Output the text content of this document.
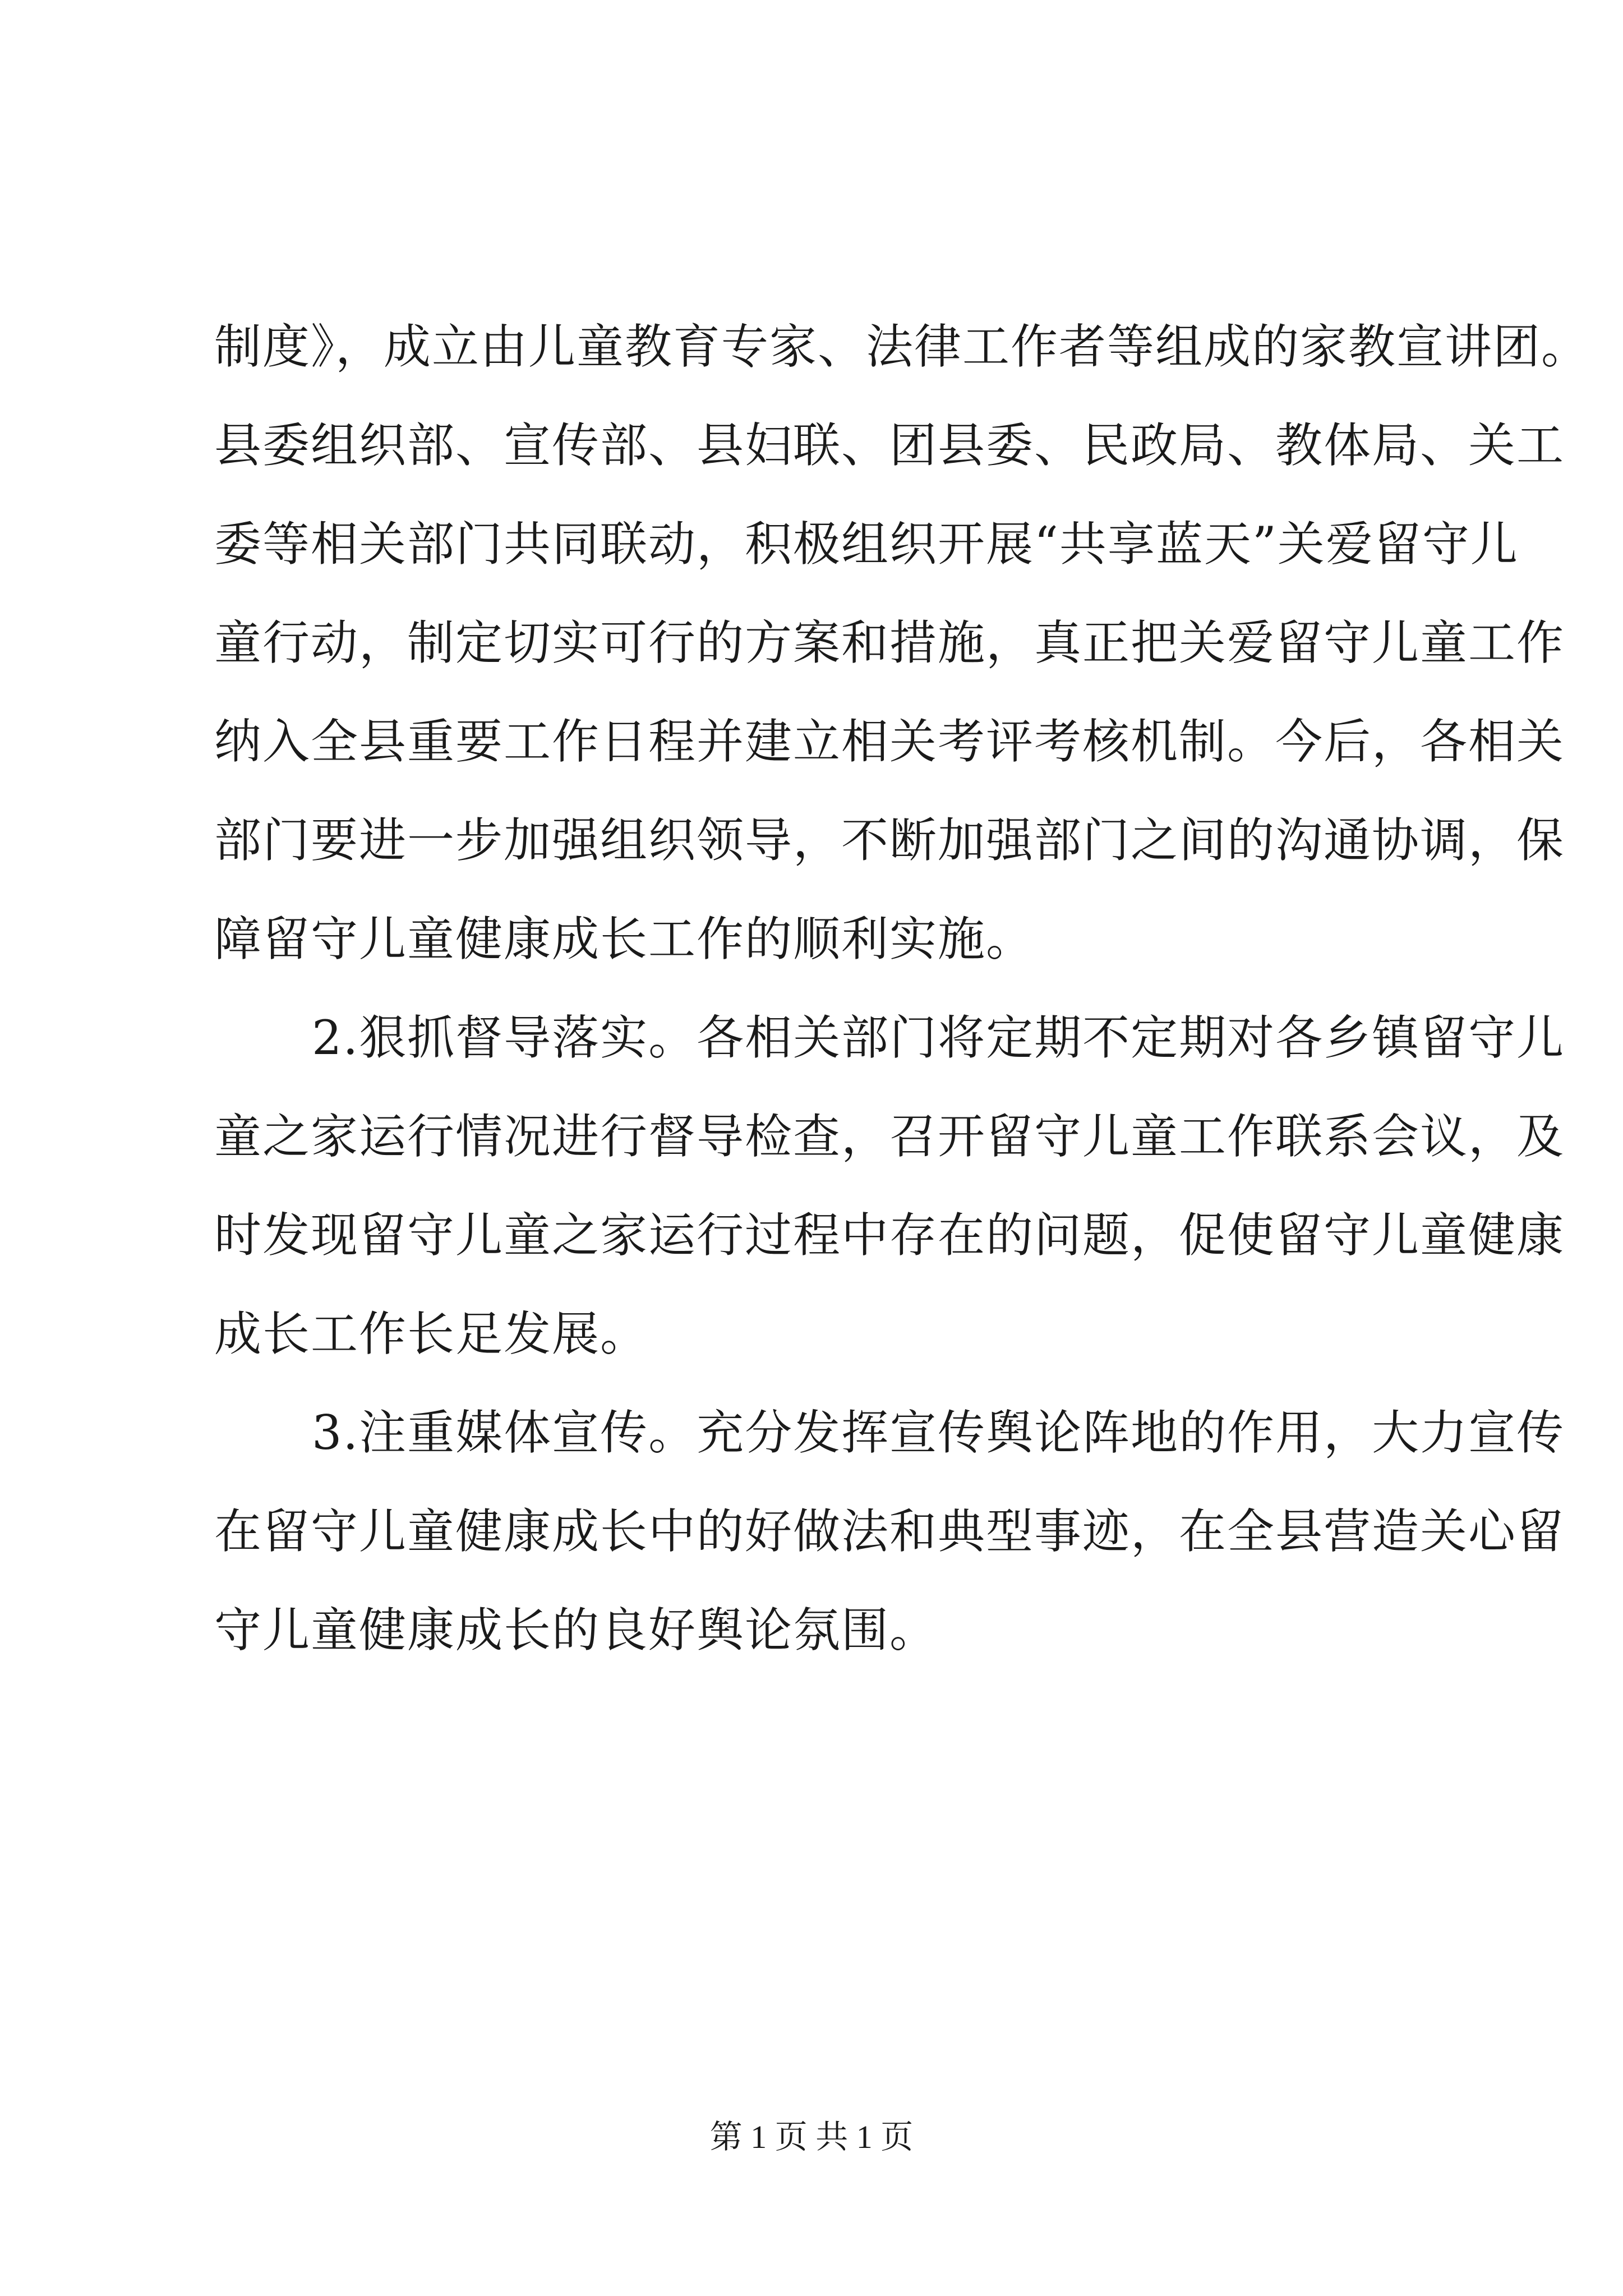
制度》，成立由儿童教育专家、法律工作者等组成的家教宣讲团。
县委组织部、宣传部、县妇联、团县委、民政局、教体局、关工
委等相关部门共同联动，积极组织开展“共享蓝天”关爱留守儿
童行动，制定切实可行的方案和措施，真正把关爱留守儿童工作
纳入全县重要工作日程并建立相关考评考核机制。今后，各相关
部门要进一步加强组织领导，不断加强部门之间的沟通协调，保
障留守儿童健康成长工作的顺利实施。
2.狠抓督导落实。各相关部门将定期不定期对各乡镇留守儿
童之家运行情况进行督导检查，召开留守儿童工作联系会议，及
时发现留守儿童之家运行过程中存在的问题，促使留守儿童健康
成长工作长足发展。
3.注重媒体宣传。充分发挥宣传舆论阵地的作用，大力宣传
在留守儿童健康成长中的好做法和典型事迹，在全县营造关心留
守儿童健康成长的良好舆论氛围。
第 1 页 共 1 页
